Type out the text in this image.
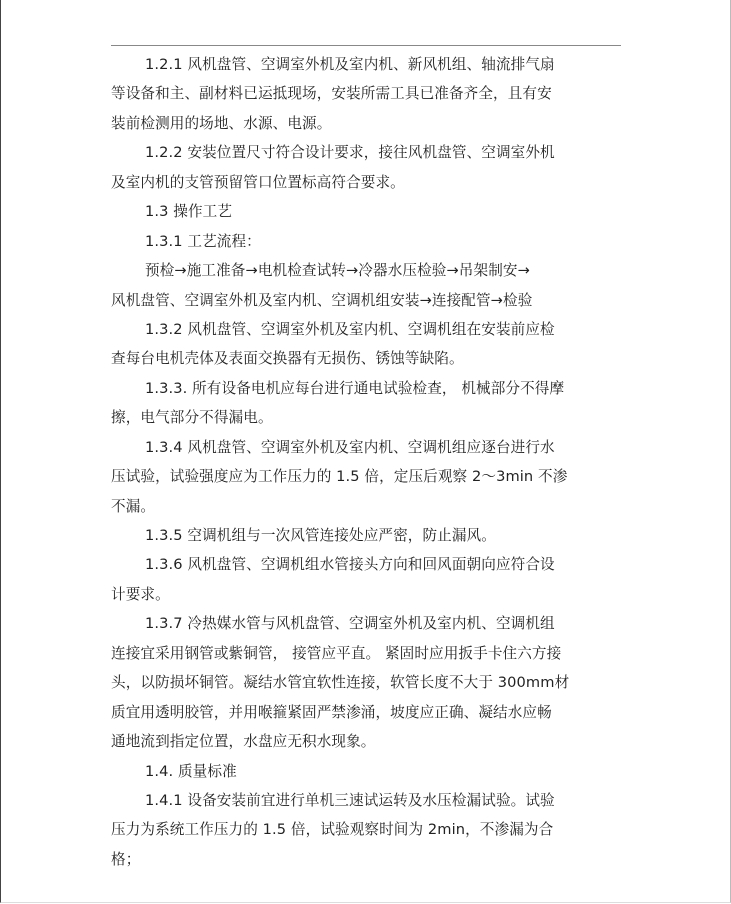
1.2.1 风机盘管、空调室外机及室内机、新风机组、轴流排气扇
等设备和主、副材料已运抵现场，安装所需工具已准备齐全，且有安
装前检测用的场地、水源、电源。
1.2.2 安装位置尺寸符合设计要求，接往风机盘管、空调室外机
及室内机的支管预留管口位置标高符合要求。
1.3 操作工艺
1.3.1 工艺流程：
预检→施工准备→电机检查试转→冷器水压检验→吊架制安→
风机盘管、空调室外机及室内机、空调机组安装→连接配管→检验
1.3.2 风机盘管、空调室外机及室内机、空调机组在安装前应检
查每台电机壳体及表面交换器有无损伤、锈蚀等缺陷。
1.3.3. 所有设备电机应每台进行通电试验检查， 机械部分不得摩
擦，电气部分不得漏电。
1.3.4 风机盘管、空调室外机及室内机、空调机组应逐台进行水
压试验，试验强度应为工作压力的 1.5 倍，定压后观察 2～3min 不渗
不漏。
1.3.5 空调机组与一次风管连接处应严密，防止漏风。
1.3.6 风机盘管、空调机组水管接头方向和回风面朝向应符合设
计要求。
1.3.7 冷热媒水管与风机盘管、空调室外机及室内机、空调机组
连接宜采用钢管或紫铜管， 接管应平直。 紧固时应用扳手卡住六方接
头，以防损坏铜管。凝结水管宜软性连接，软管长度不大于 300mm材
质宜用透明胶管，并用喉箍紧固严禁渗涌，坡度应正确、凝结水应畅
通地流到指定位置，水盘应无积水现象。
1.4. 质量标准
1.4.1 设备安装前宜进行单机三速试运转及水压检漏试验。试验
压力为系统工作压力的 1.5 倍，试验观察时间为 2min，不渗漏为合
格；
